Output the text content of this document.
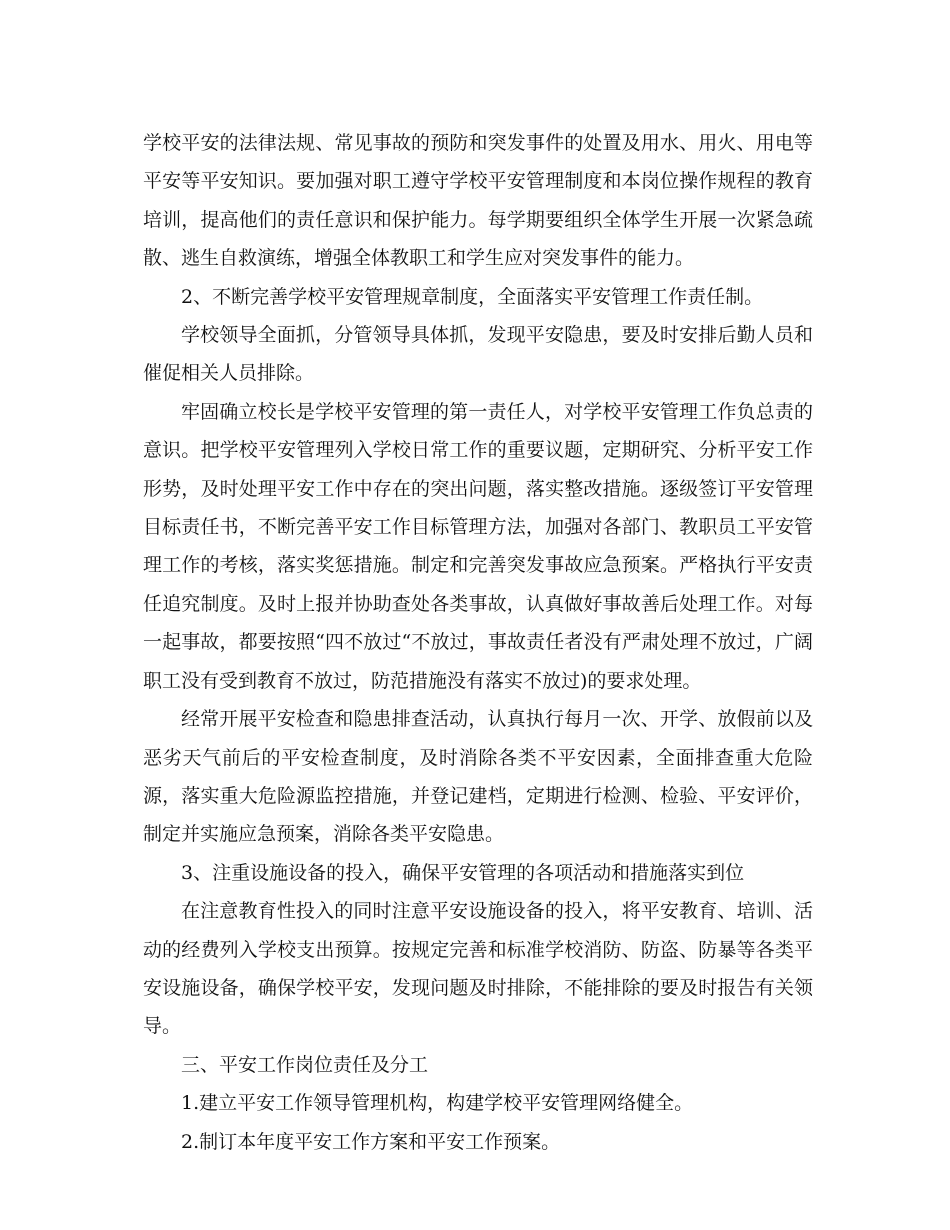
学校平安的法律法规、常见事故的预防和突发事件的处置及用水、用火、用电等平安等平安知识。要加强对职工遵守学校平安管理制度和本岗位操作规程的教育培训，提高他们的责任意识和保护能力。每学期要组织全体学生开展一次紧急疏散、逃生自救演练，增强全体教职工和学生应对突发事件的能力。

2、不断完善学校平安管理规章制度，全面落实平安管理工作责任制。

学校领导全面抓，分管领导具体抓，发现平安隐患，要及时安排后勤人员和催促相关人员排除。

牢固确立校长是学校平安管理的第一责任人，对学校平安管理工作负总责的意识。把学校平安管理列入学校日常工作的重要议题，定期研究、分析平安工作形势，及时处理平安工作中存在的突出问题，落实整改措施。逐级签订平安管理目标责任书，不断完善平安工作目标管理方法，加强对各部门、教职员工平安管理工作的考核，落实奖惩措施。制定和完善突发事故应急预案。严格执行平安责任追究制度。及时上报并协助查处各类事故，认真做好事故善后处理工作。对每一起事故，都要按照“四不放过“不放过，事故责任者没有严肃处理不放过，广阔职工没有受到教育不放过，防范措施没有落实不放过)的要求处理。

经常开展平安检查和隐患排查活动，认真执行每月一次、开学、放假前以及恶劣天气前后的平安检查制度，及时消除各类不平安因素，全面排查重大危险源，落实重大危险源监控措施，并登记建档，定期进行检测、检验、平安评价，制定并实施应急预案，消除各类平安隐患。

3、注重设施设备的投入，确保平安管理的各项活动和措施落实到位

在注意教育性投入的同时注意平安设施设备的投入，将平安教育、培训、活动的经费列入学校支出预算。按规定完善和标准学校消防、防盗、防暴等各类平安设施设备，确保学校平安，发现问题及时排除，不能排除的要及时报告有关领导。

三、平安工作岗位责任及分工

1.建立平安工作领导管理机构，构建学校平安管理网络健全。

2.制订本年度平安工作方案和平安工作预案。
